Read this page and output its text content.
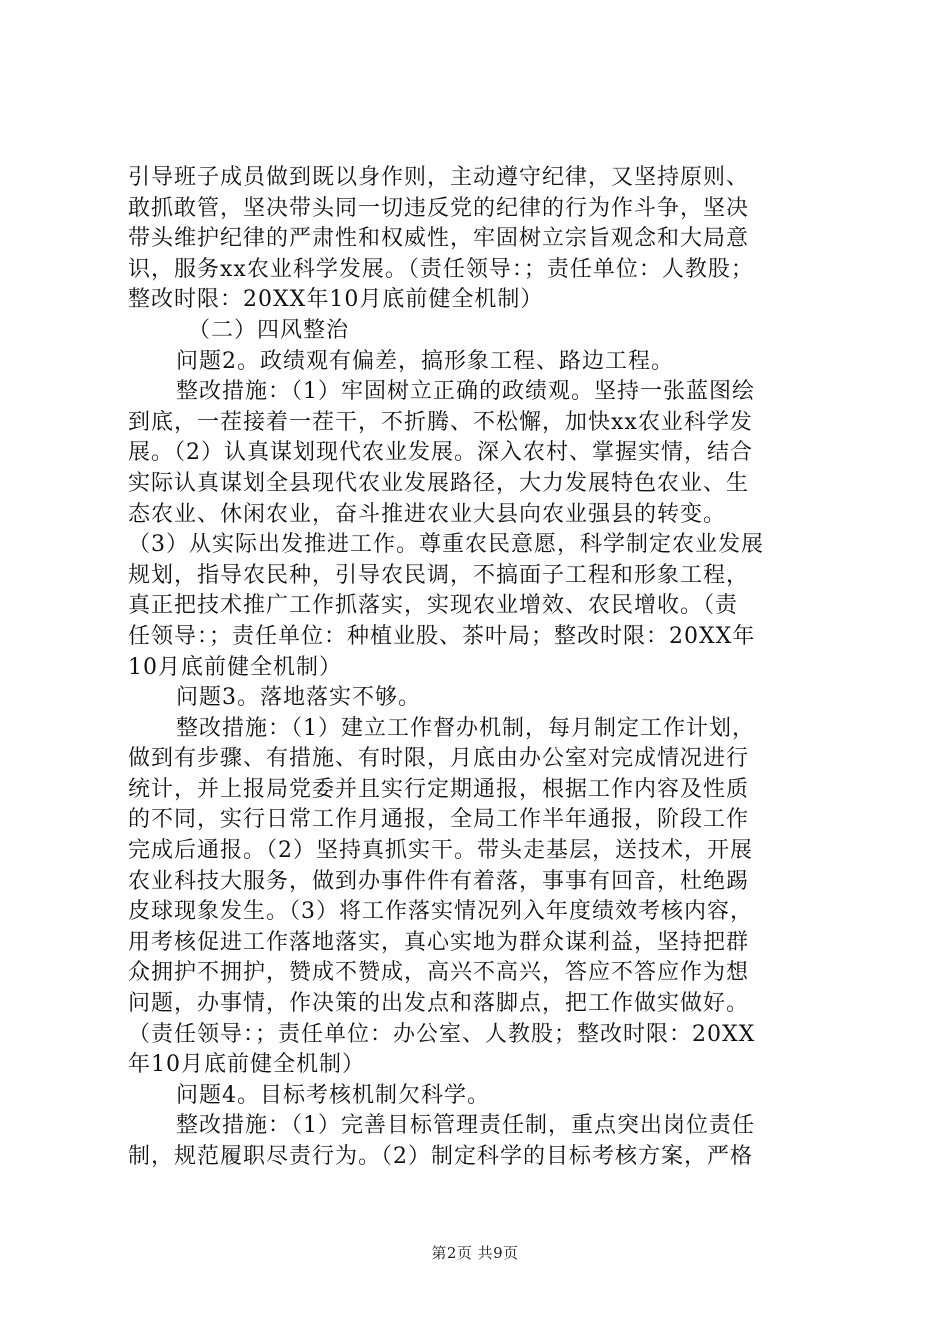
引导班子成员做到既以身作则，主动遵守纪律，又坚持原则、
敢抓敢管，坚决带头同一切违反党的纪律的行为作斗争，坚决
带头维护纪律的严肃性和权威性，牢固树立宗旨观念和大局意
识，服务xx农业科学发展。（责任领导：；责任单位：人教股；
整改时限：20XX年10月底前健全机制）
（二）四风整治
问题2。政绩观有偏差，搞形象工程、路边工程。
整改措施：（1）牢固树立正确的政绩观。坚持一张蓝图绘
到底，一茬接着一茬干，不折腾、不松懈，加快xx农业科学发
展。（2）认真谋划现代农业发展。深入农村、掌握实情，结合
实际认真谋划全县现代农业发展路径，大力发展特色农业、生
态农业、休闲农业，奋斗推进农业大县向农业强县的转变。
（3）从实际出发推进工作。尊重农民意愿，科学制定农业发展
规划，指导农民种，引导农民调，不搞面子工程和形象工程，
真正把技术推广工作抓落实，实现农业增效、农民增收。（责
任领导：；责任单位：种植业股、茶叶局；整改时限：20XX年
10月底前健全机制）
问题3。落地落实不够。
整改措施：（1）建立工作督办机制，每月制定工作计划，
做到有步骤、有措施、有时限，月底由办公室对完成情况进行
统计，并上报局党委并且实行定期通报，根据工作内容及性质
的不同，实行日常工作月通报，全局工作半年通报，阶段工作
完成后通报。（2）坚持真抓实干。带头走基层，送技术，开展
农业科技大服务，做到办事件件有着落，事事有回音，杜绝踢
皮球现象发生。（3）将工作落实情况列入年度绩效考核内容，
用考核促进工作落地落实，真心实地为群众谋利益，坚持把群
众拥护不拥护，赞成不赞成，高兴不高兴，答应不答应作为想
问题，办事情，作决策的出发点和落脚点，把工作做实做好。
（责任领导：；责任单位：办公室、人教股；整改时限：20XX
年10月底前健全机制）
问题4。目标考核机制欠科学。
整改措施：（1）完善目标管理责任制，重点突出岗位责任
制，规范履职尽责行为。（2）制定科学的目标考核方案，严格
第2页 共9页
